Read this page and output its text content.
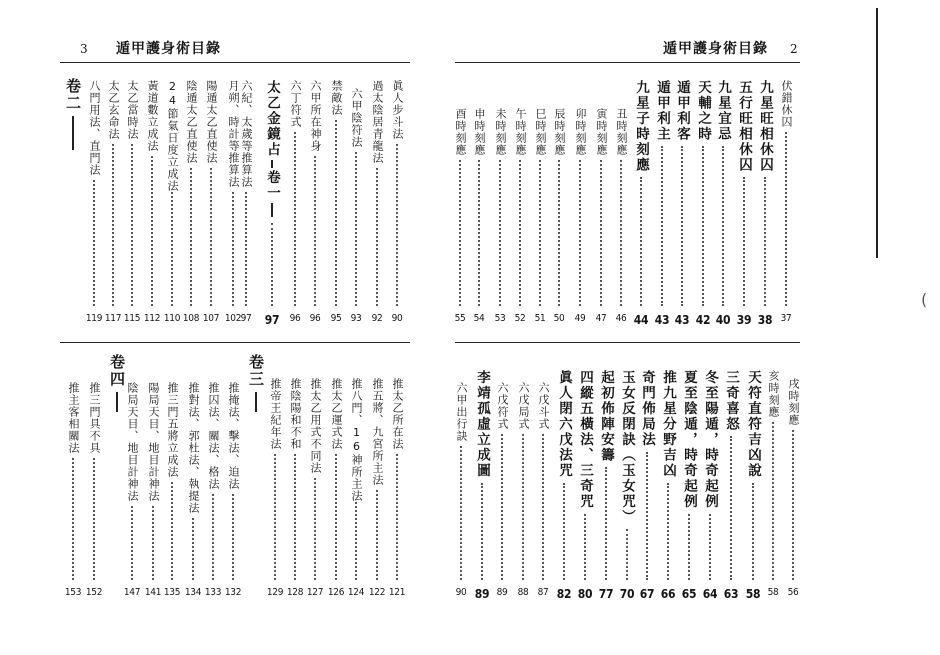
3 遁甲護身術目錄
卷二	眞人步斗法
90
過太陰居青龍法
92
六甲陰符法
93
禁敵法
95
六甲所在神身
96
六丁符式
96
太乙金鏡占
卷一
97
六紀、太歲等推算法
97
月朔、時計等推算法
102
陽遁太乙直使法
107
陰遁太乙直使法
108
24節氣日度立成法
110
黃道數立成法
112
太乙當時法
115
太乙玄命法
117
八門用法、直門法
119
卷三
卷四
推太乙所在法
121
推五將、九宮所主法
122
推八門、16神所主法
124
推太乙運式法
126
推太乙用式不同法
127
推陰陽和不和
128
推帝王紀年法
129
推掩法、擊法、迫法
132
推囚法、關法、格法
133
推對法、郭杜法、執提法
134
推三門五將立成法
135
陽局天目、地目計神法
141
陰局天目、地目計神法
147
推三門具不具
152
推主客相關法
153
遁甲護身術目錄 2
伏錯休囚
37
九星旺相休囚
38
五行旺相休囚
39
九星宜忌
40
天輔之時
42
遁甲利客
43
遁甲利主
43
九星子時刻應
44
丑時刻應
46
寅時刻應
47
卯時刻應
49
辰時刻應
50
巳時刻應
51
午時刻應
52
未時刻應
53
申時刻應
54
酉時刻應
55
戌時刻應
56
亥時刻應
58
天符直符吉凶說
58
三奇喜怒
63
冬至陽遁，時奇起例
64
夏至陰遁，時奇起例
65
推九星分野吉凶
66
奇門佈局法
67
玉女反閉訣（玉女咒）
70
起初佈陣安籌
77
四縱五橫法、三奇咒
80
眞人閉六戊法咒
82
六戊斗式
87
六戊局式
88
六戊符式
89
李靖孤虛立成圖
89
六甲出行訣
90
(
